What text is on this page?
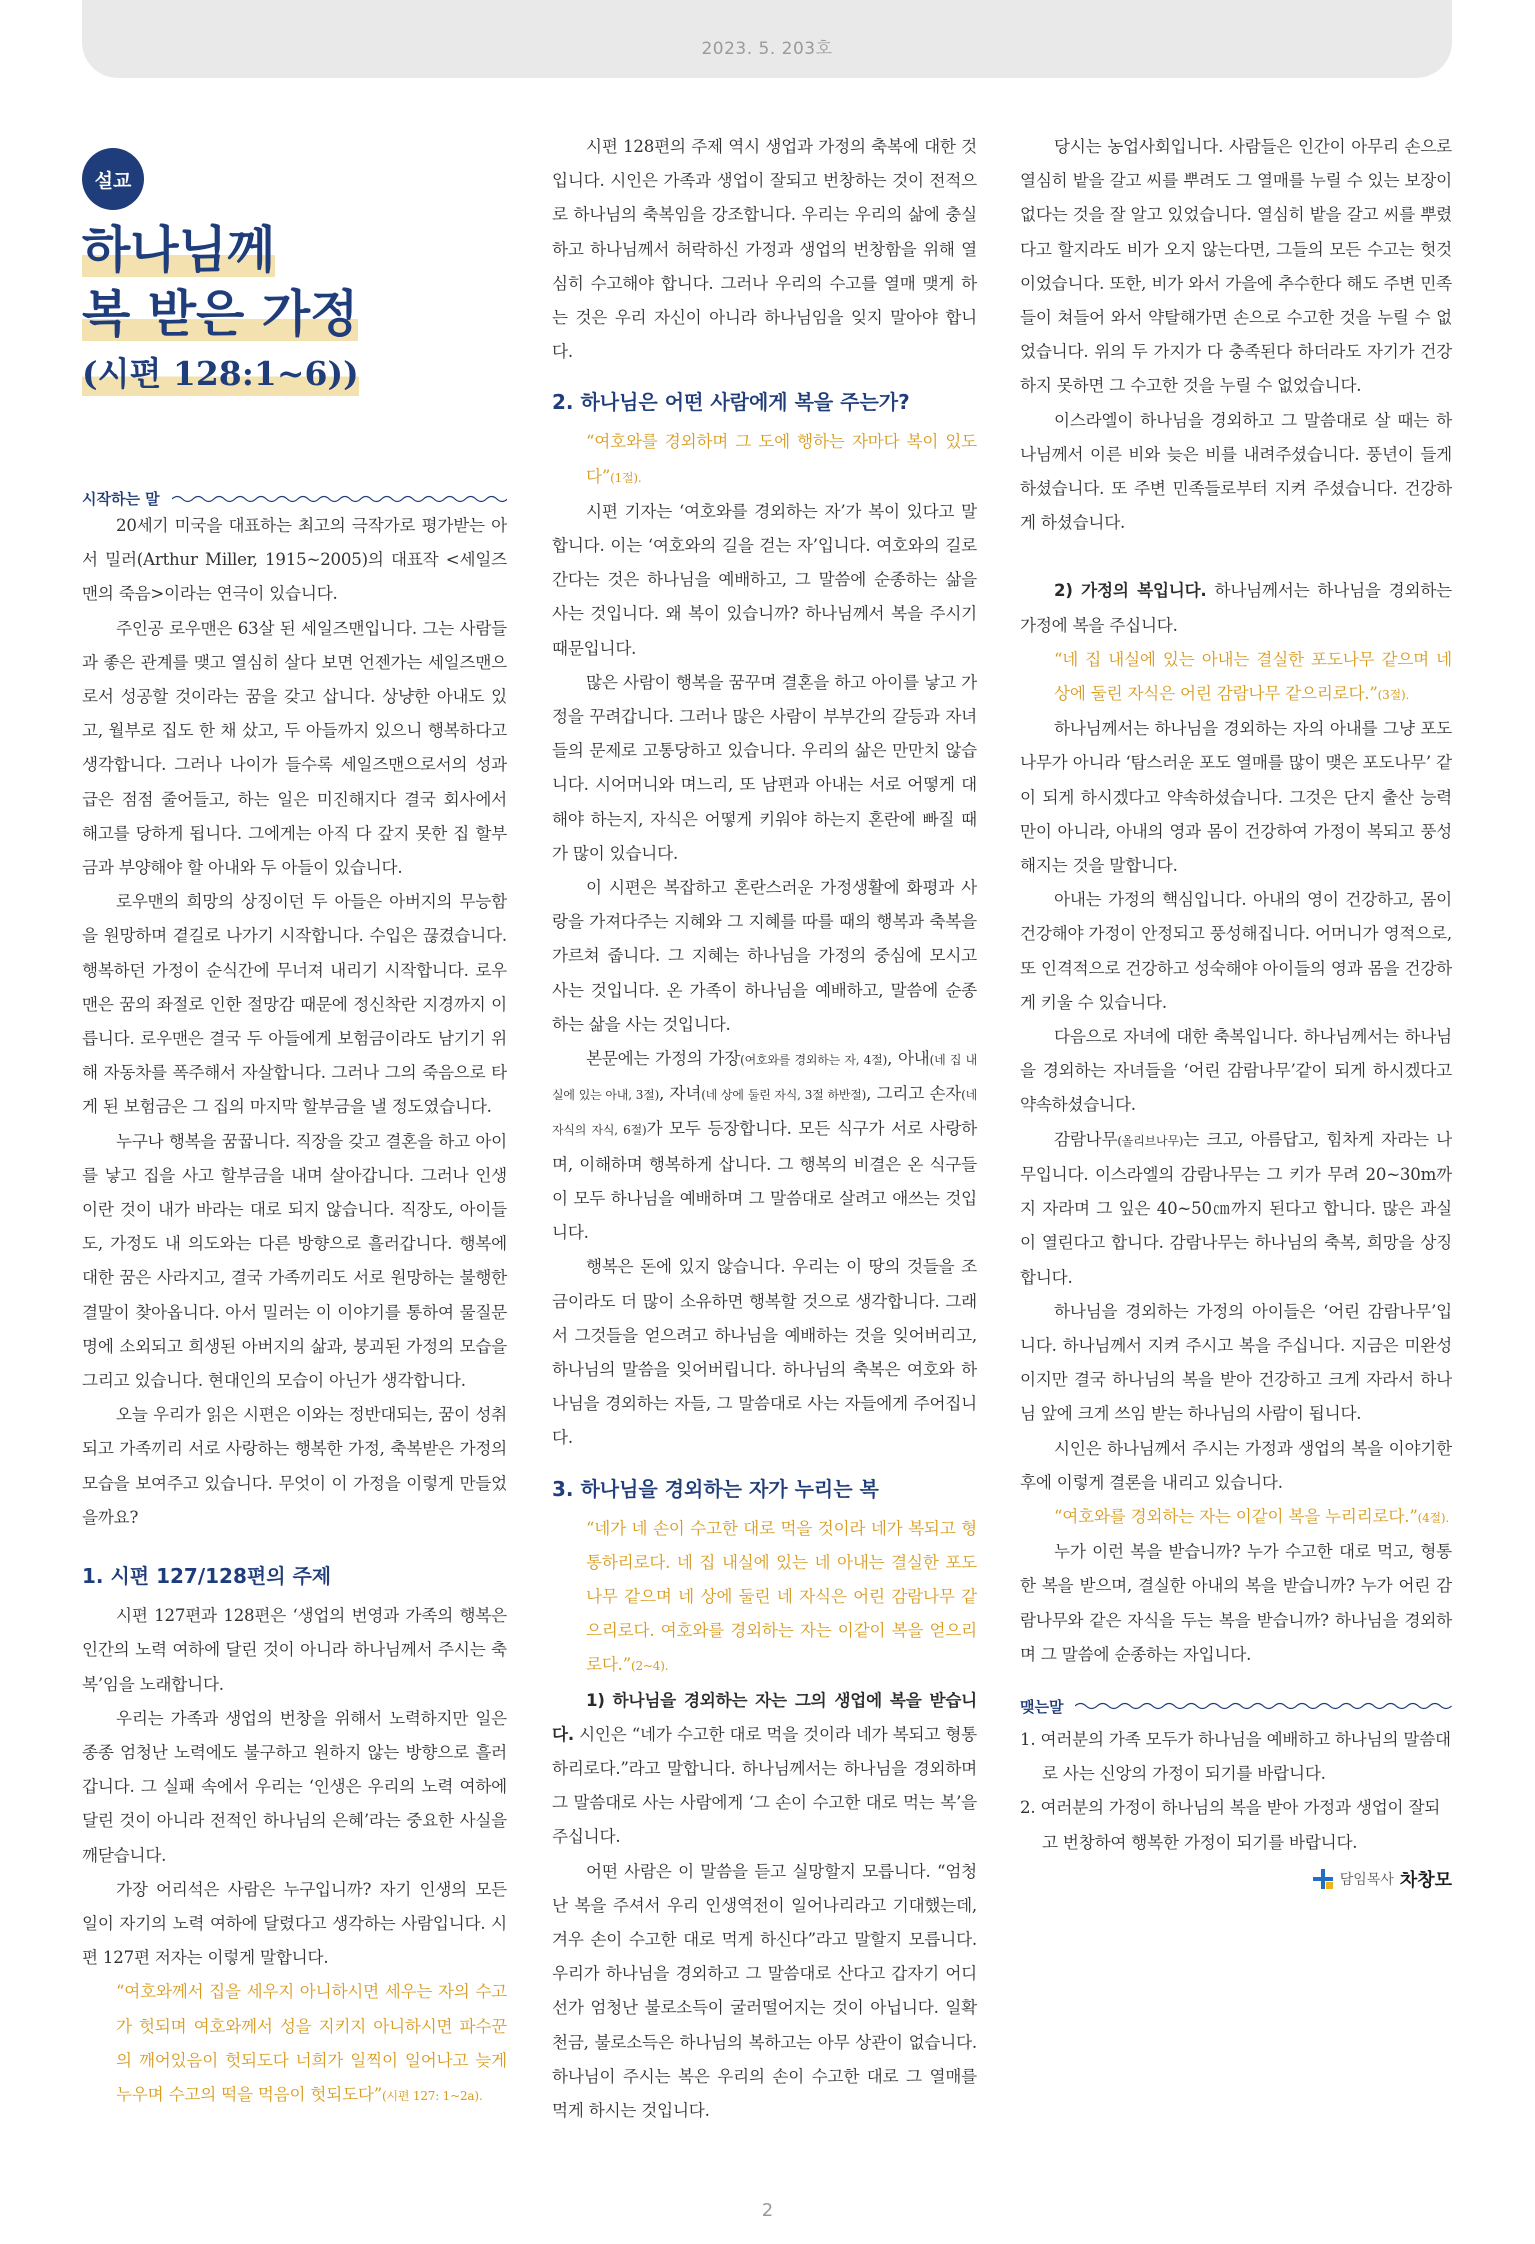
2023. 5. 203호
설교
하나님께
복 받은 가정
(시편 128:1~6))
시작하는 말

20세기 미국을 대표하는 최고의 극작가로 평가받는 아서 밀러(Arthur Miller, 1915~2005)의 대표작 <세일즈맨의 죽음>이라는 연극이 있습니다.

주인공 로우맨은 63살 된 세일즈맨입니다. 그는 사람들과 좋은 관계를 맺고 열심히 살다 보면 언젠가는 세일즈맨으로서 성공할 것이라는 꿈을 갖고 삽니다. 상냥한 아내도 있고, 월부로 집도 한 채 샀고, 두 아들까지 있으니 행복하다고 생각합니다. 그러나 나이가 들수록 세일즈맨으로서의 성과급은 점점 줄어들고, 하는 일은 미진해지다 결국 회사에서 해고를 당하게 됩니다. 그에게는 아직 다 갚지 못한 집 할부금과 부양해야 할 아내와 두 아들이 있습니다.

로우맨의 희망의 상징이던 두 아들은 아버지의 무능함을 원망하며 곁길로 나가기 시작합니다. 수입은 끊겼습니다. 행복하던 가정이 순식간에 무너져 내리기 시작합니다. 로우맨은 꿈의 좌절로 인한 절망감 때문에 정신착란 지경까지 이릅니다. 로우맨은 결국 두 아들에게 보험금이라도 남기기 위해 자동차를 폭주해서 자살합니다. 그러나 그의 죽음으로 타게 된 보험금은 그 집의 마지막 할부금을 낼 정도였습니다.

누구나 행복을 꿈꿉니다. 직장을 갖고 결혼을 하고 아이를 낳고 집을 사고 할부금을 내며 살아갑니다. 그러나 인생이란 것이 내가 바라는 대로 되지 않습니다. 직장도, 아이들도, 가정도 내 의도와는 다른 방향으로 흘러갑니다. 행복에 대한 꿈은 사라지고, 결국 가족끼리도 서로 원망하는 불행한 결말이 찾아옵니다. 아서 밀러는 이 이야기를 통하여 물질문명에 소외되고 희생된 아버지의 삶과, 붕괴된 가정의 모습을 그리고 있습니다. 현대인의 모습이 아닌가 생각합니다.

오늘 우리가 읽은 시편은 이와는 정반대되는, 꿈이 성취되고 가족끼리 서로 사랑하는 행복한 가정, 축복받은 가정의 모습을 보여주고 있습니다. 무엇이 이 가정을 이렇게 만들었을까요?

1. 시편 127/128편의 주제

시편 127편과 128편은 ‘생업의 번영과 가족의 행복은 인간의 노력 여하에 달린 것이 아니라 하나님께서 주시는 축복’임을 노래합니다.

우리는 가족과 생업의 번창을 위해서 노력하지만 일은 종종 엄청난 노력에도 불구하고 원하지 않는 방향으로 흘러갑니다. 그 실패 속에서 우리는 ‘인생은 우리의 노력 여하에 달린 것이 아니라 전적인 하나님의 은혜’라는 중요한 사실을 깨닫습니다.

가장 어리석은 사람은 누구입니까? 자기 인생의 모든 일이 자기의 노력 여하에 달렸다고 생각하는 사람입니다. 시편 127편 저자는 이렇게 말합니다.

“여호와께서 집을 세우지 아니하시면 세우는 자의 수고가 헛되며 여호와께서 성을 지키지 아니하시면 파수꾼의 깨어있음이 헛되도다 너희가 일찍이 일어나고 늦게 누우며 수고의 떡을 먹음이 헛되도다”(시편 127: 1~2a).

시편 128편의 주제 역시 생업과 가정의 축복에 대한 것입니다. 시인은 가족과 생업이 잘되고 번창하는 것이 전적으로 하나님의 축복임을 강조합니다. 우리는 우리의 삶에 충실하고 하나님께서 허락하신 가정과 생업의 번창함을 위해 열심히 수고해야 합니다. 그러나 우리의 수고를 열매 맺게 하는 것은 우리 자신이 아니라 하나님임을 잊지 말아야 합니다.

2. 하나님은 어떤 사람에게 복을 주는가?
“여호와를 경외하며 그 도에 행하는 자마다 복이 있도다”(1절).

시편 기자는 ‘여호와를 경외하는 자’가 복이 있다고 말합니다. 이는 ‘여호와의 길을 걷는 자’입니다. 여호와의 길로 간다는 것은 하나님을 예배하고, 그 말씀에 순종하는 삶을 사는 것입니다. 왜 복이 있습니까? 하나님께서 복을 주시기 때문입니다.

많은 사람이 행복을 꿈꾸며 결혼을 하고 아이를 낳고 가정을 꾸려갑니다. 그러나 많은 사람이 부부간의 갈등과 자녀들의 문제로 고통당하고 있습니다. 우리의 삶은 만만치 않습니다. 시어머니와 며느리, 또 남편과 아내는 서로 어떻게 대해야 하는지, 자식은 어떻게 키워야 하는지 혼란에 빠질 때가 많이 있습니다.

이 시편은 복잡하고 혼란스러운 가정생활에 화평과 사랑을 가져다주는 지혜와 그 지혜를 따를 때의 행복과 축복을 가르쳐 줍니다. 그 지혜는 하나님을 가정의 중심에 모시고 사는 것입니다. 온 가족이 하나님을 예배하고, 말씀에 순종하는 삶을 사는 것입니다.

본문에는 가정의 가장(여호와를 경외하는 자, 4절), 아내(네 집 내실에 있는 아내, 3절), 자녀(네 상에 둘린 자식, 3절 하반절), 그리고 손자(네 자식의 자식, 6절)가 모두 등장합니다. 모든 식구가 서로 사랑하며, 이해하며 행복하게 삽니다. 그 행복의 비결은 온 식구들이 모두 하나님을 예배하며 그 말씀대로 살려고 애쓰는 것입니다.

행복은 돈에 있지 않습니다. 우리는 이 땅의 것들을 조금이라도 더 많이 소유하면 행복할 것으로 생각합니다. 그래서 그것들을 얻으려고 하나님을 예배하는 것을 잊어버리고, 하나님의 말씀을 잊어버립니다. 하나님의 축복은 여호와 하나님을 경외하는 자들, 그 말씀대로 사는 자들에게 주어집니다.

3. 하나님을 경외하는 자가 누리는 복
“네가 네 손이 수고한 대로 먹을 것이라 네가 복되고 형통하리로다. 네 집 내실에 있는 네 아내는 결실한 포도나무 같으며 네 상에 둘린 네 자식은 어린 감람나무 같으리로다. 여호와를 경외하는 자는 이같이 복을 얻으리로다.”(2~4).

1) 하나님을 경외하는 자는 그의 생업에 복을 받습니다. 시인은 “네가 수고한 대로 먹을 것이라 네가 복되고 형통하리로다.”라고 말합니다. 하나님께서는 하나님을 경외하며 그 말씀대로 사는 사람에게 ‘그 손이 수고한 대로 먹는 복’을 주십니다.

어떤 사람은 이 말씀을 듣고 실망할지 모릅니다. “엄청난 복을 주셔서 우리 인생역전이 일어나리라고 기대했는데, 겨우 손이 수고한 대로 먹게 하신다”라고 말할지 모릅니다. 우리가 하나님을 경외하고 그 말씀대로 산다고 갑자기 어디선가 엄청난 불로소득이 굴러떨어지는 것이 아닙니다. 일확천금, 불로소득은 하나님의 복하고는 아무 상관이 없습니다. 하나님이 주시는 복은 우리의 손이 수고한 대로 그 열매를 먹게 하시는 것입니다.

당시는 농업사회입니다. 사람들은 인간이 아무리 손으로 열심히 밭을 갈고 씨를 뿌려도 그 열매를 누릴 수 있는 보장이 없다는 것을 잘 알고 있었습니다. 열심히 밭을 갈고 씨를 뿌렸다고 할지라도 비가 오지 않는다면, 그들의 모든 수고는 헛것이었습니다. 또한, 비가 와서 가을에 추수한다 해도 주변 민족들이 쳐들어 와서 약탈해가면 손으로 수고한 것을 누릴 수 없었습니다. 위의 두 가지가 다 충족된다 하더라도 자기가 건강하지 못하면 그 수고한 것을 누릴 수 없었습니다.

이스라엘이 하나님을 경외하고 그 말씀대로 살 때는 하나님께서 이른 비와 늦은 비를 내려주셨습니다. 풍년이 들게 하셨습니다. 또 주변 민족들로부터 지켜 주셨습니다. 건강하게 하셨습니다.

2) 가정의 복입니다. 하나님께서는 하나님을 경외하는 가정에 복을 주십니다.

“네 집 내실에 있는 아내는 결실한 포도나무 같으며 네 상에 둘린 자식은 어린 감람나무 같으리로다.”(3절).

하나님께서는 하나님을 경외하는 자의 아내를 그냥 포도나무가 아니라 ‘탐스러운 포도 열매를 많이 맺은 포도나무’ 같이 되게 하시겠다고 약속하셨습니다. 그것은 단지 출산 능력만이 아니라, 아내의 영과 몸이 건강하여 가정이 복되고 풍성해지는 것을 말합니다.

아내는 가정의 핵심입니다. 아내의 영이 건강하고, 몸이 건강해야 가정이 안정되고 풍성해집니다. 어머니가 영적으로, 또 인격적으로 건강하고 성숙해야 아이들의 영과 몸을 건강하게 키울 수 있습니다.

다음으로 자녀에 대한 축복입니다. 하나님께서는 하나님을 경외하는 자녀들을 ‘어린 감람나무’같이 되게 하시겠다고 약속하셨습니다.

감람나무(올리브나무)는 크고, 아름답고, 힘차게 자라는 나무입니다. 이스라엘의 감람나무는 그 키가 무려 20~30m까지 자라며 그 잎은 40~50㎝까지 된다고 합니다. 많은 과실이 열린다고 합니다. 감람나무는 하나님의 축복, 희망을 상징합니다.

하나님을 경외하는 가정의 아이들은 ‘어린 감람나무’입니다. 하나님께서 지켜 주시고 복을 주십니다. 지금은 미완성이지만 결국 하나님의 복을 받아 건강하고 크게 자라서 하나님 앞에 크게 쓰임 받는 하나님의 사람이 됩니다.

시인은 하나님께서 주시는 가정과 생업의 복을 이야기한 후에 이렇게 결론을 내리고 있습니다.

“여호와를 경외하는 자는 이같이 복을 누리리로다.”(4절).

누가 이런 복을 받습니까? 누가 수고한 대로 먹고, 형통한 복을 받으며, 결실한 아내의 복을 받습니까? 누가 어린 감람나무와 같은 자식을 두는 복을 받습니까? 하나님을 경외하며 그 말씀에 순종하는 자입니다.

맺는말
1. 여러분의 가족 모두가 하나님을 예배하고 하나님의 말씀대로 사는 신앙의 가정이 되기를 바랍니다.
2. 여러분의 가정이 하나님의 복을 받아 가정과 생업이 잘되고 번창하여 행복한 가정이 되기를 바랍니다.
담임목사 차창모
2
